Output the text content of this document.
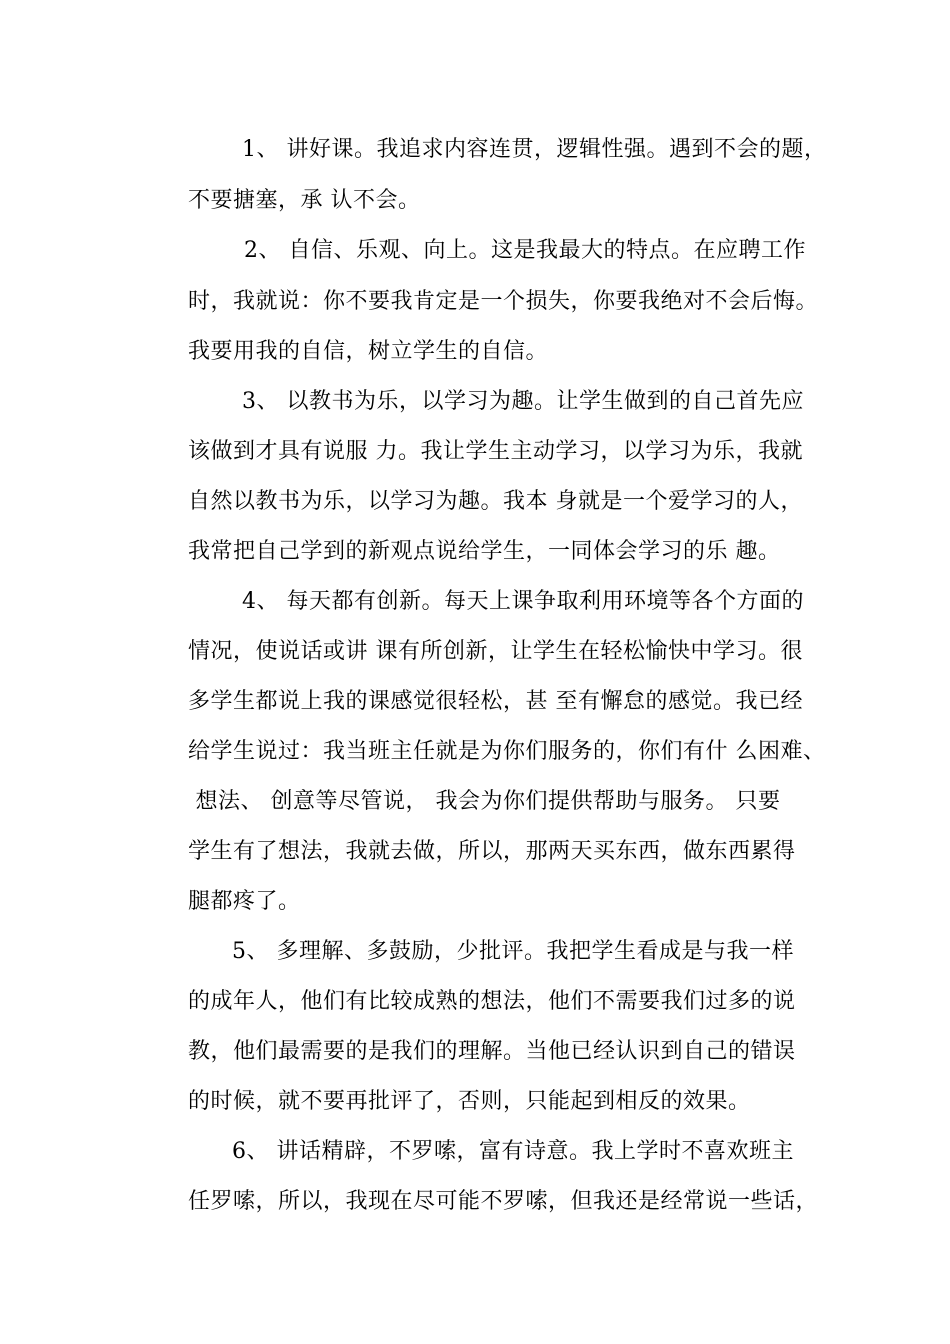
1、 讲好课。我追求内容连贯，逻辑性强。遇到不会的题，
不要搪塞，承 认不会。
2、 自信、乐观、向上。这是我最大的特点。在应聘工作
时，我就说：你不要我肯定是一个损失，你要我绝对不会后悔。
我要用我的自信，树立学生的自信。
3、 以教书为乐，以学习为趣。让学生做到的自己首先应
该做到才具有说服 力。我让学生主动学习，以学习为乐，我就
自然以教书为乐，以学习为趣。我本 身就是一个爱学习的人，
我常把自己学到的新观点说给学生，一同体会学习的乐 趣。
4、 每天都有创新。每天上课争取利用环境等各个方面的
情况，使说话或讲 课有所创新，让学生在轻松愉快中学习。很
多学生都说上我的课感觉很轻松，甚 至有懈怠的感觉。我已经
给学生说过：我当班主任就是为你们服务的，你们有什 么困难、
想法、 创意等尽管说， 我会为你们提供帮助与服务。 只要
学生有了想法，我就去做，所以，那两天买东西，做东西累得
腿都疼了。
5、 多理解、多鼓励，少批评。我把学生看成是与我一样
的成年人，他们有比较成熟的想法，他们不需要我们过多的说
教，他们最需要的是我们的理解。当他已经认识到自己的错误
的时候，就不要再批评了，否则，只能起到相反的效果。
6、 讲话精辟，不罗嗦，富有诗意。我上学时不喜欢班主
任罗嗦，所以，我现在尽可能不罗嗦，但我还是经常说一些话，
